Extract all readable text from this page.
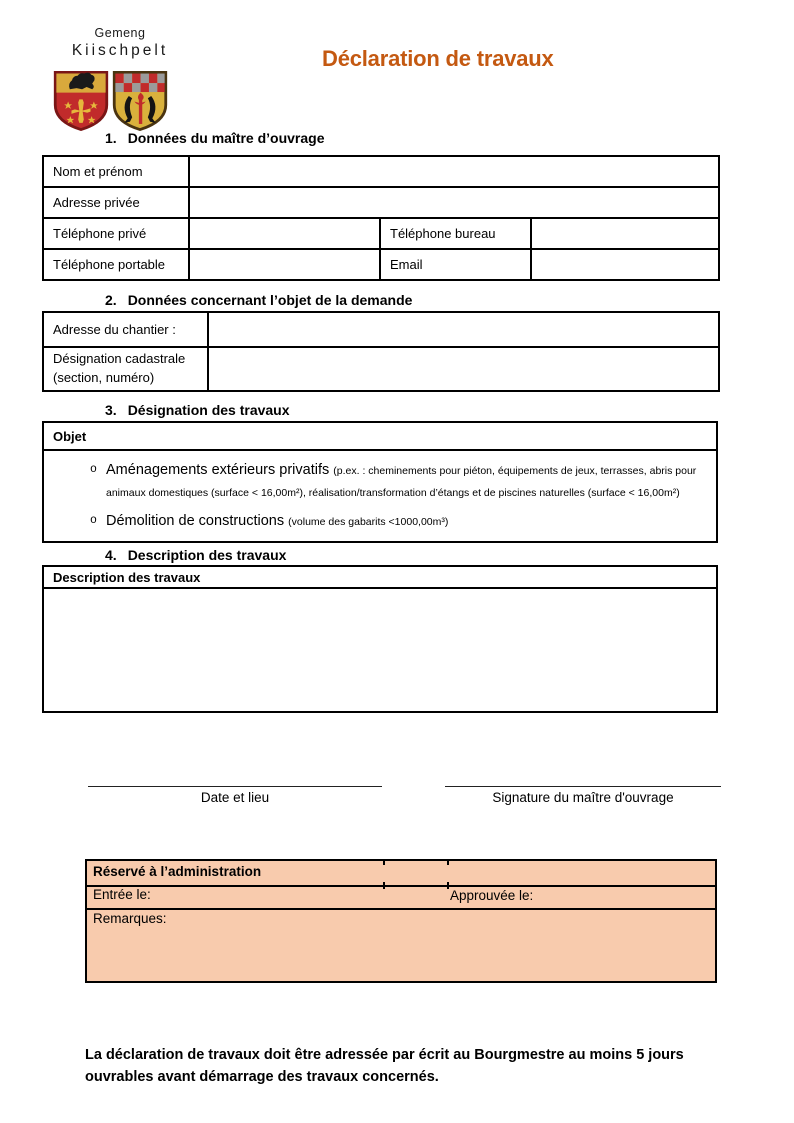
Gemeng
Kiischpelt	Déclaration de travaux
1. Données du maître d’ouvrage
Nom et prénom			
Adresse privée			
Téléphone privé		Téléphone bureau	
Téléphone portable		Email	
2. Données concernant l’objet de la demande
Adresse du chantier :	

Désignation cadastrale
(section, numéro)	

3. Désignation des travaux
Objet

o Aménagements extérieurs privatifs (p.ex. : cheminements pour piéton, équipements de jeux, terrasses, abris pour animaux domestiques (surface < 16,00m²), réalisation/transformation d’étangs et de piscines naturelles (surface < 16,00m²)
o Démolition de constructions (volume des gabarits <1000,00m³)
4. Description des travaux
Description des travaux

Date et lieu	Signature du maître d'ouvrage
Réservé à l’administration
Entrée le:	Approuvée le:

Remarques:
La déclaration de travaux doit être adressée par écrit au Bourgmestre au moins 5 jours ouvrables avant démarrage des travaux concernés.
